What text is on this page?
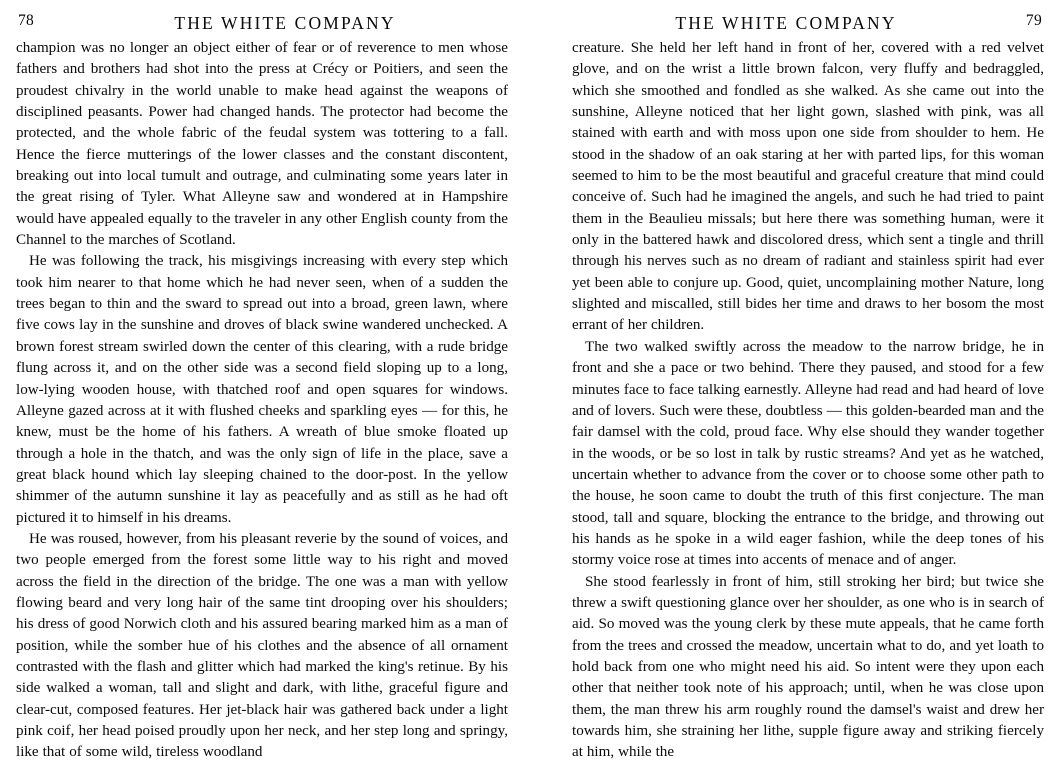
78	THE WHITE COMPANY

champion was no longer an object either of fear or of reverence to men whose fathers and brothers had shot into the press at Crécy or Poitiers, and seen the proudest chivalry in the world unable to make head against the weapons of disciplined peasants. Power had changed hands. The protector had become the protected, and the whole fabric of the feudal system was tottering to a fall. Hence the fierce mutterings of the lower classes and the constant discontent, breaking out into local tumult and outrage, and culminating some years later in the great rising of Tyler. What Alleyne saw and wondered at in Hampshire would have appealed equally to the traveler in any other English county from the Channel to the marches of Scotland.

He was following the track, his misgivings increasing with every step which took him nearer to that home which he had never seen, when of a sudden the trees began to thin and the sward to spread out into a broad, green lawn, where five cows lay in the sunshine and droves of black swine wandered unchecked. A brown forest stream swirled down the center of this clearing, with a rude bridge flung across it, and on the other side was a second field sloping up to a long, low-lying wooden house, with thatched roof and open squares for windows. Alleyne gazed across at it with flushed cheeks and sparkling eyes — for this, he knew, must be the home of his fathers. A wreath of blue smoke floated up through a hole in the thatch, and was the only sign of life in the place, save a great black hound which lay sleeping chained to the door-post. In the yellow shimmer of the autumn sunshine it lay as peacefully and as still as he had oft pictured it to himself in his dreams.

He was roused, however, from his pleasant reverie by the sound of voices, and two people emerged from the forest some little way to his right and moved across the field in the direction of the bridge. The one was a man with yellow flowing beard and very long hair of the same tint drooping over his shoulders; his dress of good Norwich cloth and his assured bearing marked him as a man of position, while the somber hue of his clothes and the absence of all ornament contrasted with the flash and glitter which had marked the king's retinue. By his side walked a woman, tall and slight and dark, with lithe, graceful figure and clear-cut, composed features. Her jet-black hair was gathered back under a light pink coif, her head poised proudly upon her neck, and her step long and springy, like that of some wild, tireless woodland

THE WHITE COMPANY	79

creature. She held her left hand in front of her, covered with a red velvet glove, and on the wrist a little brown falcon, very fluffy and bedraggled, which she smoothed and fondled as she walked. As she came out into the sunshine, Alleyne noticed that her light gown, slashed with pink, was all stained with earth and with moss upon one side from shoulder to hem. He stood in the shadow of an oak staring at her with parted lips, for this woman seemed to him to be the most beautiful and graceful creature that mind could conceive of. Such had he imagined the angels, and such he had tried to paint them in the Beaulieu missals; but here there was something human, were it only in the battered hawk and discolored dress, which sent a tingle and thrill through his nerves such as no dream of radiant and stainless spirit had ever yet been able to conjure up. Good, quiet, uncomplaining mother Nature, long slighted and miscalled, still bides her time and draws to her bosom the most errant of her children.

The two walked swiftly across the meadow to the narrow bridge, he in front and she a pace or two behind. There they paused, and stood for a few minutes face to face talking earnestly. Alleyne had read and had heard of love and of lovers. Such were these, doubtless — this golden-bearded man and the fair damsel with the cold, proud face. Why else should they wander together in the woods, or be so lost in talk by rustic streams? And yet as he watched, uncertain whether to advance from the cover or to choose some other path to the house, he soon came to doubt the truth of this first conjecture. The man stood, tall and square, blocking the entrance to the bridge, and throwing out his hands as he spoke in a wild eager fashion, while the deep tones of his stormy voice rose at times into accents of menace and of anger.

She stood fearlessly in front of him, still stroking her bird; but twice she threw a swift questioning glance over her shoulder, as one who is in search of aid. So moved was the young clerk by these mute appeals, that he came forth from the trees and crossed the meadow, uncertain what to do, and yet loath to hold back from one who might need his aid. So intent were they upon each other that neither took note of his approach; until, when he was close upon them, the man threw his arm roughly round the damsel's waist and drew her towards him, she straining her lithe, supple figure away and striking fiercely at him, while the
